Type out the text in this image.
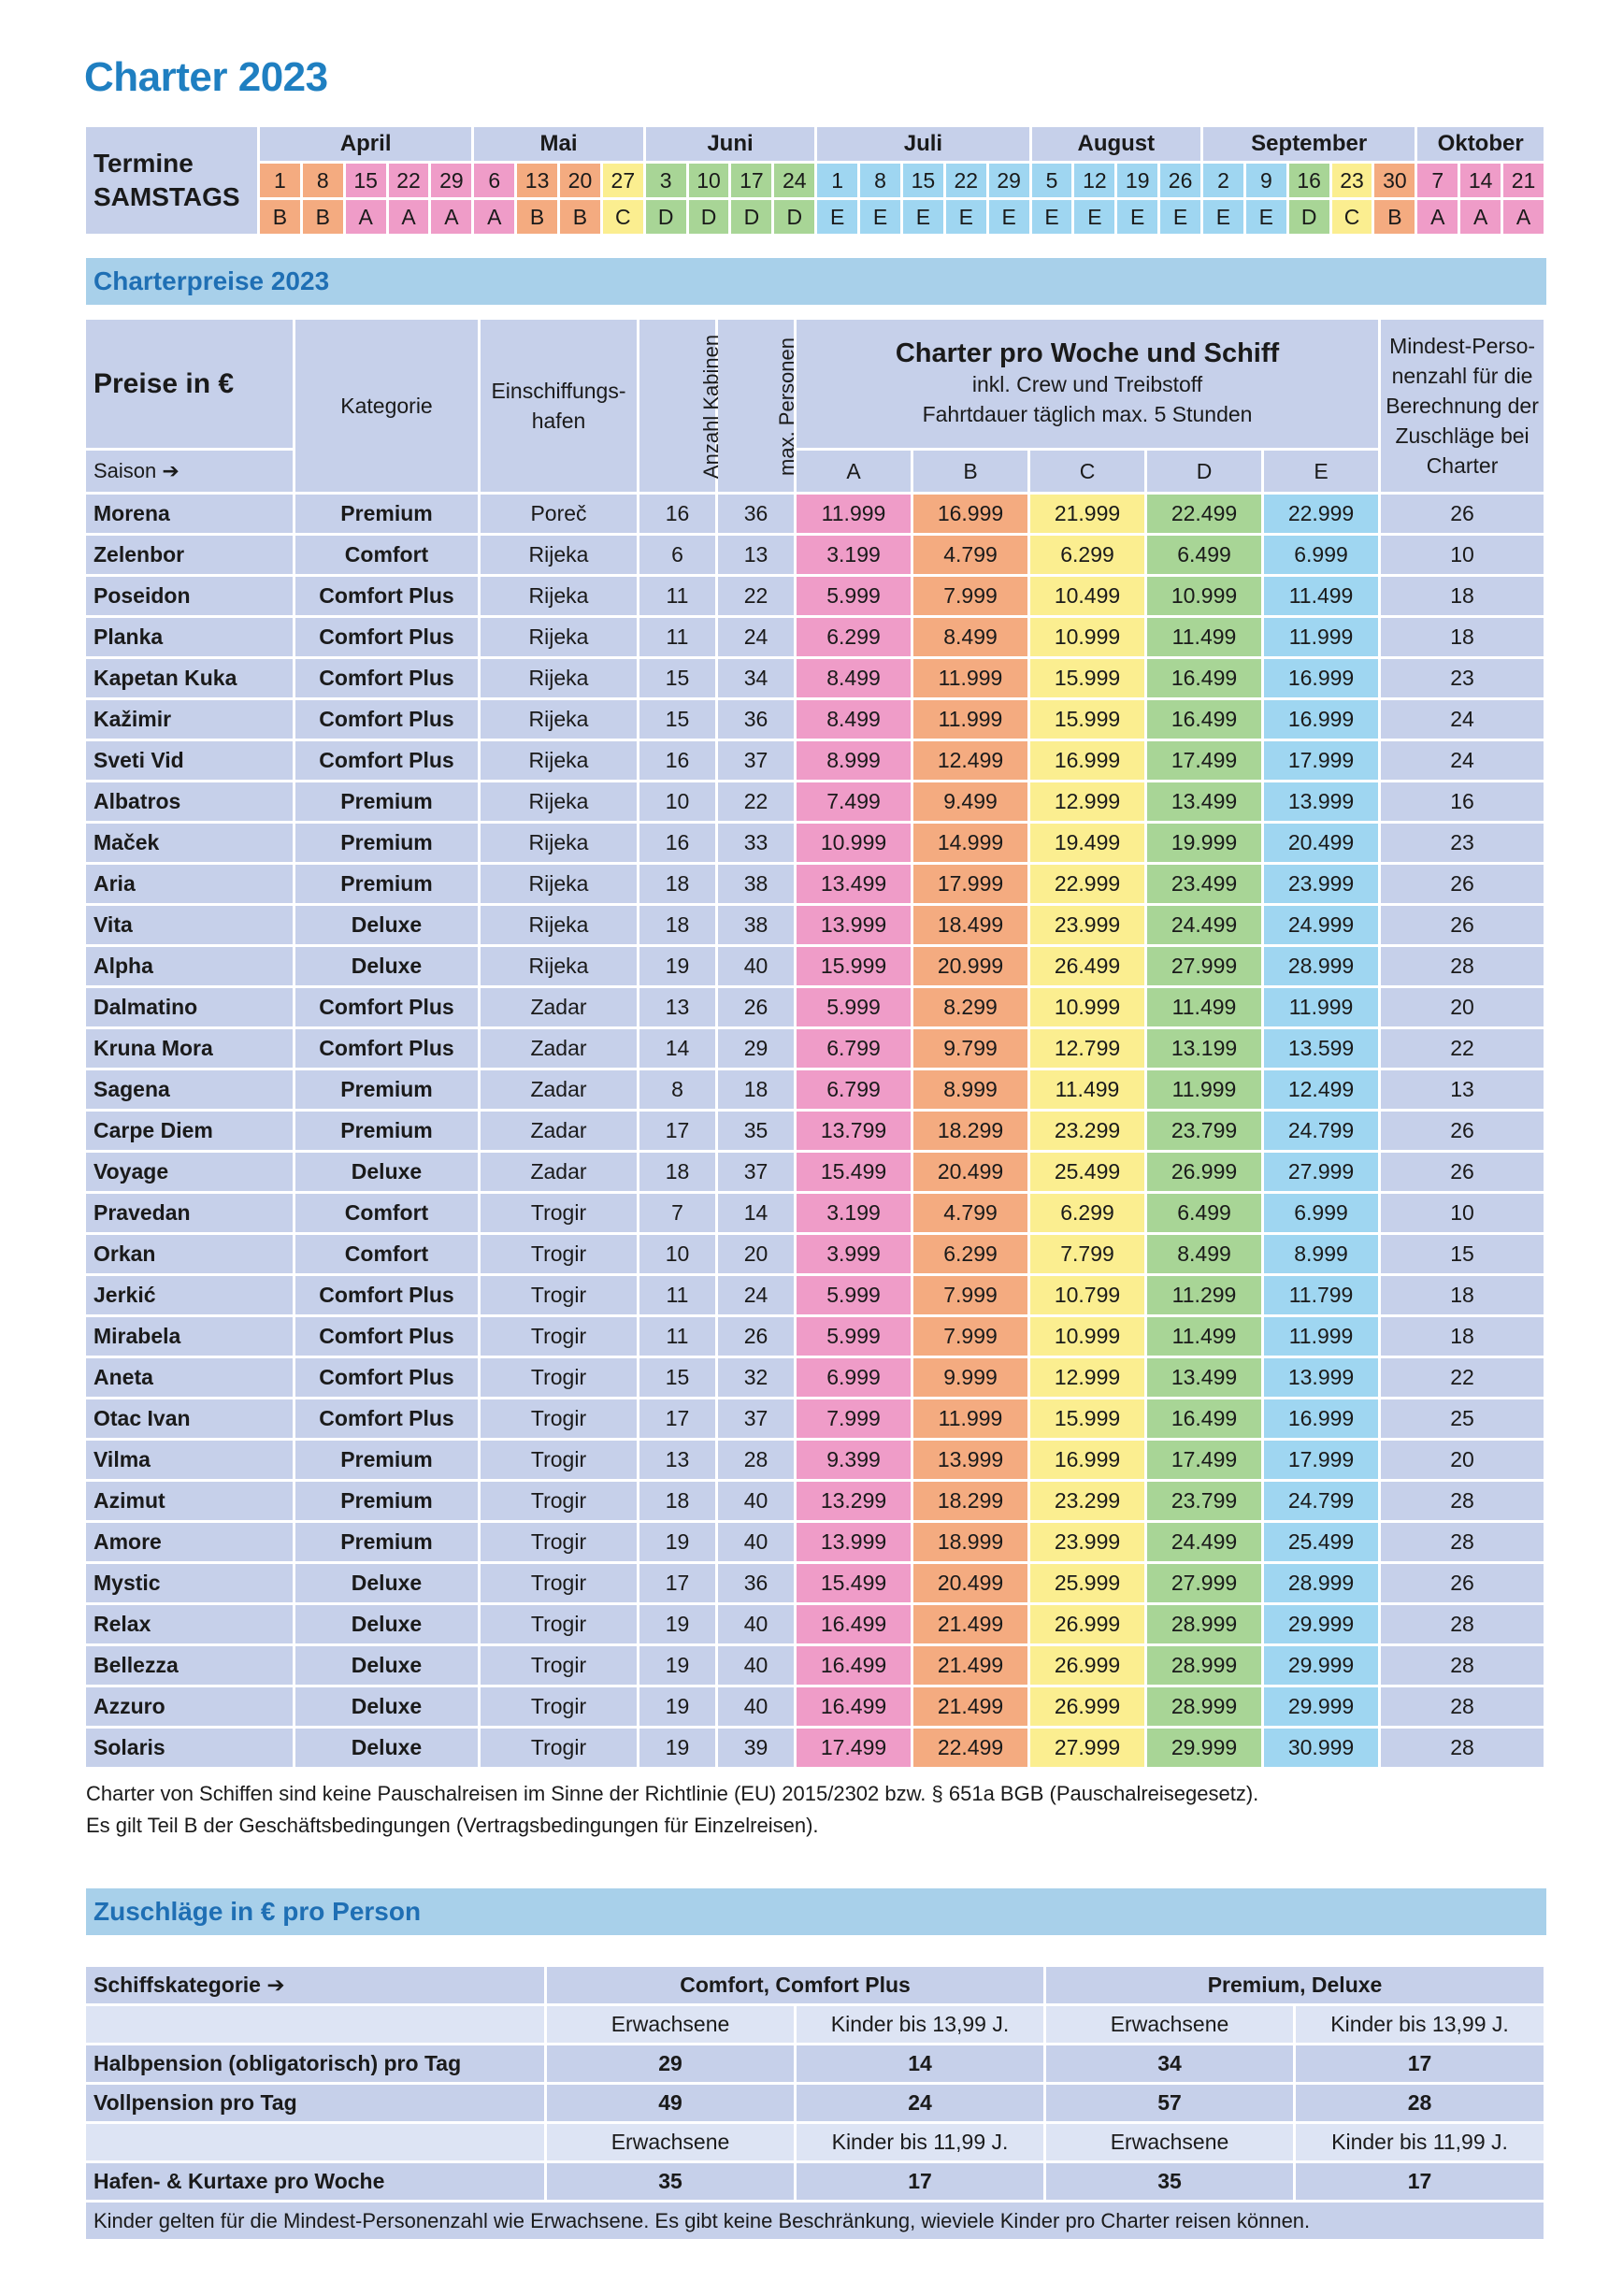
Charter 2023
Termine
SAMSTAGS	April					Mai				Juni				Juli					August				September					Oktober		
	1	8	15	22	29	6	13	20	27	3	10	17	24	1	8	15	22	29	5	12	19	26	2	9	16	23	30	7	14	21
	B	B	A	A	A	A	B	B	C	D	D	D	D	E	E	E	E	E	E	E	E	E	E	E	D	C	B	A	A	A
Charterpreise 2023
Preise in €	Kategorie	Einschiffungs-
hafen	Anzahl Kabinen	max. Personen	Charter pro Woche und Schiff
inkl. Crew und Treibstoff
Fahrtdauer täglich max. 5 Stunden					Mindest-Perso-
nenzahl für die
Berechnung der
Zuschläge bei
Charter
Saison ➔					A	B	C	D	E	
Morena	Premium	Poreč	16	36	11.999	16.999	21.999	22.499	22.999	26
Zelenbor	Comfort	Rijeka	6	13	3.199	4.799	6.299	6.499	6.999	10
Poseidon	Comfort Plus	Rijeka	11	22	5.999	7.999	10.499	10.999	11.499	18
Planka	Comfort Plus	Rijeka	11	24	6.299	8.499	10.999	11.499	11.999	18
Kapetan Kuka	Comfort Plus	Rijeka	15	34	8.499	11.999	15.999	16.499	16.999	23
Kažimir	Comfort Plus	Rijeka	15	36	8.499	11.999	15.999	16.499	16.999	24
Sveti Vid	Comfort Plus	Rijeka	16	37	8.999	12.499	16.999	17.499	17.999	24
Albatros	Premium	Rijeka	10	22	7.499	9.499	12.999	13.499	13.999	16
Maček	Premium	Rijeka	16	33	10.999	14.999	19.499	19.999	20.499	23
Aria	Premium	Rijeka	18	38	13.499	17.999	22.999	23.499	23.999	26
Vita	Deluxe	Rijeka	18	38	13.999	18.499	23.999	24.499	24.999	26
Alpha	Deluxe	Rijeka	19	40	15.999	20.999	26.499	27.999	28.999	28
Dalmatino	Comfort Plus	Zadar	13	26	5.999	8.299	10.999	11.499	11.999	20
Kruna Mora	Comfort Plus	Zadar	14	29	6.799	9.799	12.799	13.199	13.599	22
Sagena	Premium	Zadar	8	18	6.799	8.999	11.499	11.999	12.499	13
Carpe Diem	Premium	Zadar	17	35	13.799	18.299	23.299	23.799	24.799	26
Voyage	Deluxe	Zadar	18	37	15.499	20.499	25.499	26.999	27.999	26
Pravedan	Comfort	Trogir	7	14	3.199	4.799	6.299	6.499	6.999	10
Orkan	Comfort	Trogir	10	20	3.999	6.299	7.799	8.499	8.999	15
Jerkić	Comfort Plus	Trogir	11	24	5.999	7.999	10.799	11.299	11.799	18
Mirabela	Comfort Plus	Trogir	11	26	5.999	7.999	10.999	11.499	11.999	18
Aneta	Comfort Plus	Trogir	15	32	6.999	9.999	12.999	13.499	13.999	22
Otac Ivan	Comfort Plus	Trogir	17	37	7.999	11.999	15.999	16.499	16.999	25
Vilma	Premium	Trogir	13	28	9.399	13.999	16.999	17.499	17.999	20
Azimut	Premium	Trogir	18	40	13.299	18.299	23.299	23.799	24.799	28
Amore	Premium	Trogir	19	40	13.999	18.999	23.999	24.499	25.499	28
Mystic	Deluxe	Trogir	17	36	15.499	20.499	25.999	27.999	28.999	26
Relax	Deluxe	Trogir	19	40	16.499	21.499	26.999	28.999	29.999	28
Bellezza	Deluxe	Trogir	19	40	16.499	21.499	26.999	28.999	29.999	28
Azzuro	Deluxe	Trogir	19	40	16.499	21.499	26.999	28.999	29.999	28
Solaris	Deluxe	Trogir	19	39	17.499	22.499	27.999	29.999	30.999	28
Charter von Schiffen sind keine Pauschalreisen im Sinne der Richtlinie (EU) 2015/2302 bzw. § 651a BGB (Pauschalreisegesetz).
Es gilt Teil B der Geschäftsbedingungen (Vertragsbedingungen für Einzelreisen).
Zuschläge in € pro Person
Schiffskategorie ➔	Comfort, Comfort Plus		Premium, Deluxe	
	Erwachsene	Kinder bis 13,99 J.	Erwachsene	Kinder bis 13,99 J.
Halbpension (obligatorisch) pro Tag	29	14	34	17
Vollpension pro Tag	49	24	57	28
	Erwachsene	Kinder bis 11,99 J.	Erwachsene	Kinder bis 11,99 J.
Hafen- & Kurtaxe pro Woche	35	17	35	17
Kinder gelten für die Mindest-Personenzahl wie Erwachsene. Es gibt keine Beschränkung, wieviele Kinder pro Charter reisen können.				
